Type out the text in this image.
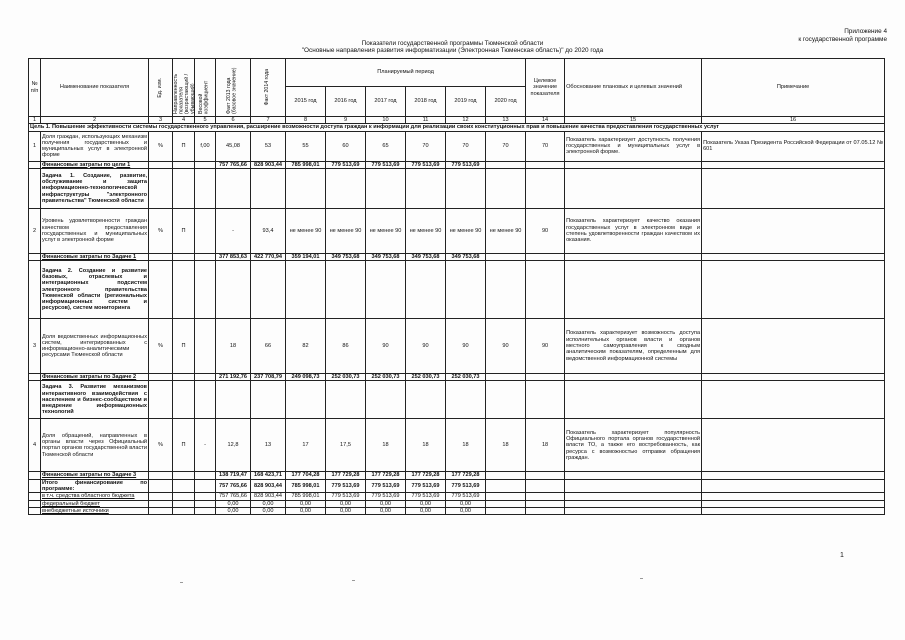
Приложение 4
к государственной программе
Показатели государственной программы Тюменской области
"Основные направления развития информатизации (Электронная Тюменская область)" до 2020 года
№ п/п	Наименование показателя	Ед. изм.	Направленность показателя (возрастающий / убывающий)	Весовой коэффициент	Факт 2013 года (базовое значение)	Факт 2014 года	Планируемый период						Целевое значение показателя	Обоснование плановых и целевых значений	Примечание
							2015 год	2016 год	2017 год	2018 год	2019 год	2020 год			
1	2	3	4	5	6	7	8	9	10	11	12	13	14	15	16
Цель 1. Повышение эффективности системы государственного управления, расширение возможности доступа граждан к информации для реализации своих конституционных прав и повышение качества предоставления государственных услуг															
1	Доля граждан, использующих механизм получения государственных и муниципальных услуг в электронной форме	%	П	f,00	45,08	53	55	60	65	70	70	70	70	Показатель характеризует доступность получения государственных и муниципальных услуг в электронной форме.	Показатель Указа Президента Российской Федерации от 07.05.12 № 601
	Финансовые затраты по цели 1				757 765,66	828 903,44	785 998,01	779 513,69	779 513,69	779 513,69	779 513,69				
	Задача 1. Создание, развитие, обслуживание и защита информационно-технологической инфраструктуры "электронного правительства" Тюменской области														
2	Уровень удовлетворенности граждан качеством предоставления государственных и муниципальных услуг в электронной форме	%	П		-	93,4	не менее 90	не менее 90	не менее 90	не менее 90	не менее 90	не менее 90	90	Показатель характеризует качество оказания государственных услуг в электронном виде и степень удовлетворенности граждан качеством их оказания.	
	Финансовые затраты по Задаче 1				377 853,63	422 770,94	359 194,01	349 753,68	349 753,68	349 753,68	349 753,68				
	Задача 2. Создание и развитие базовых, отраслевых и интеграционных подсистем электронного правительства Тюменской области (региональных информационных систем и ресурсов), систем мониторинга														
3	Доля ведомственных информационных систем, интегрированных с информационно-аналитическими ресурсами Тюменской области	%	П		18	66	82	86	90	90	90	90	90	Показатель характеризует возможность доступа исполнительных органов власти и органов местного самоуправления к сводным аналитическим показателям, определенным для ведомственной информационной системы	
	Финансовые затраты по Задаче 2				271 192,76	237 708,79	249 098,73	252 030,73	252 030,73	252 030,73	252 030,73				
	Задача 3. Развитие механизмов интерактивного взаимодействия с населением и бизнес-сообществом и внедрение информационных технологий														
4	Доля обращений, направленных в органы власти через Официальный портал органов государственной власти Тюменской области	%	П	-	12,8	13	17	17,5	18	18	18	18	18	Показатель характеризует популярность Официального портала органов государственной власти ТО, а также его востребованность, как ресурса с возможностью отправки обращения граждан.	
	Финансовые затраты по Задаче 3				138 719,47	168 423,71	177 704,28	177 729,28	177 729,28	177 729,28	177 729,28				
	Итого финансирование по программе:				757 765,66	828 903,44	785 998,01	779 513,69	779 513,69	779 513,69	779 513,69				
	в т.ч. средства областного бюджета				757 765,66	828 903,44	785 998,01	779 513,69	779 513,69	779 513,69	779 513,69				
	федеральный бюджет				0,00	0,00	0,00	0,00	0,00	0,00	0,00				
	внебюджетные источники				0,00	0,00	0,00	0,00	0,00	0,00	0,00				
1
